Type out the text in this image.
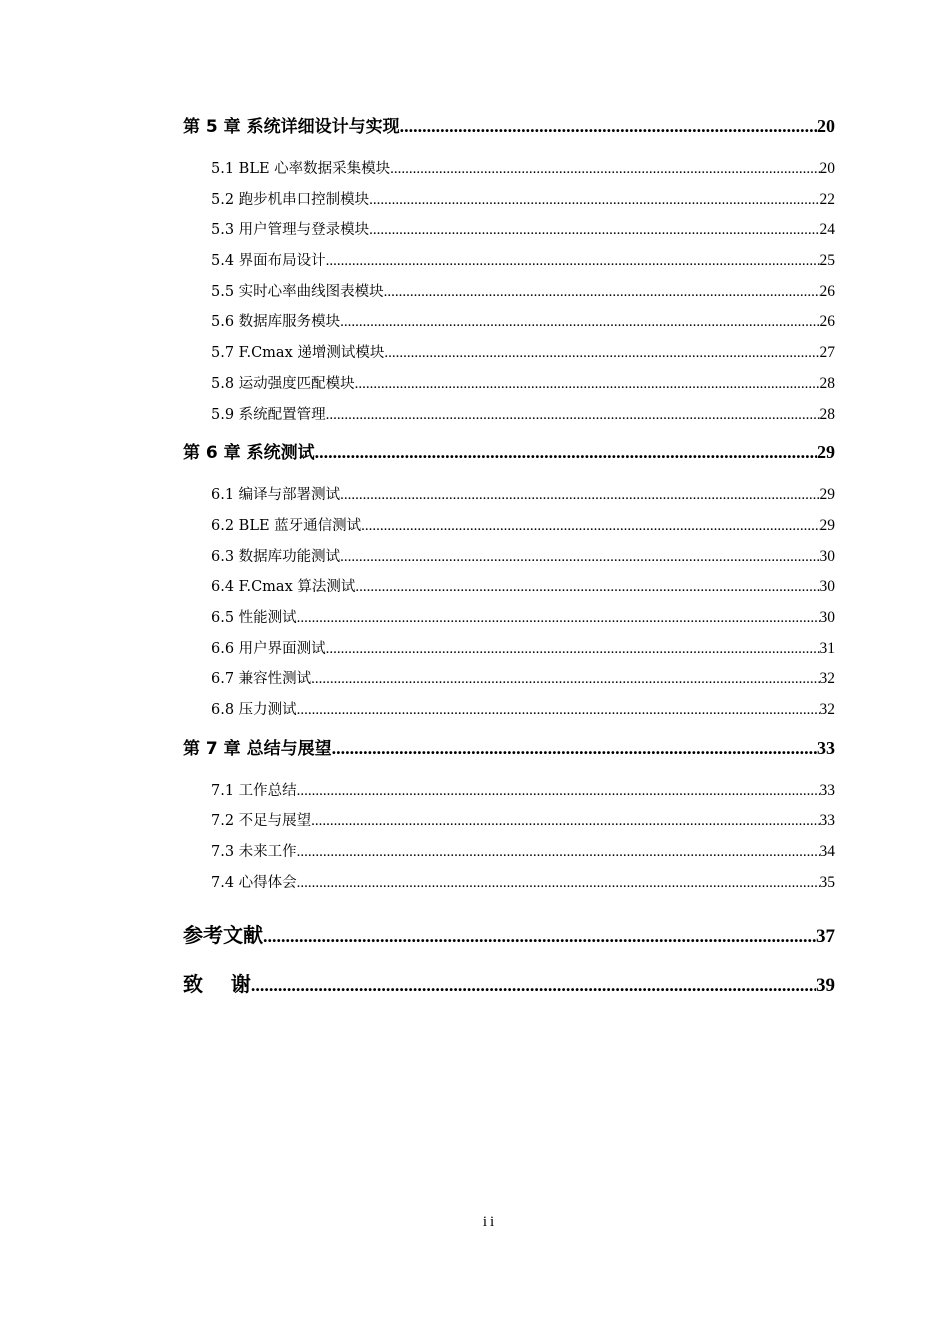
第 5 章 系统详细设计与实现 .....	20
5.1 BLE 心率数据采集模块 .....	20
5.2 跑步机串口控制模块 .....	22
5.3 用户管理与登录模块 .....	24
5.4 界面布局设计 .....	25
5.5 实时心率曲线图表模块 .....	26
5.6 数据库服务模块 .....	26
5.7 F.Cmax 递增测试模块 .....	27
5.8 运动强度匹配模块 .....	28
5.9 系统配置管理 .....	28
第 6 章 系统测试 .....	29
6.1 编译与部署测试 .....	29
6.2 BLE 蓝牙通信测试 .....	29
6.3 数据库功能测试 .....	30
6.4 F.Cmax 算法测试 .....	30
6.5 性能测试 .....	30
6.6 用户界面测试 .....	31
6.7 兼容性测试 .....	32
6.8 压力测试 .....	32
第 7 章 总结与展望 .....	33
7.1 工作总结 .....	33
7.2 不足与展望 .....	33
7.3 未来工作 .....	34
7.4 心得体会 .....	35
参考文献 .....	37
致    谢 .....	39
ii
